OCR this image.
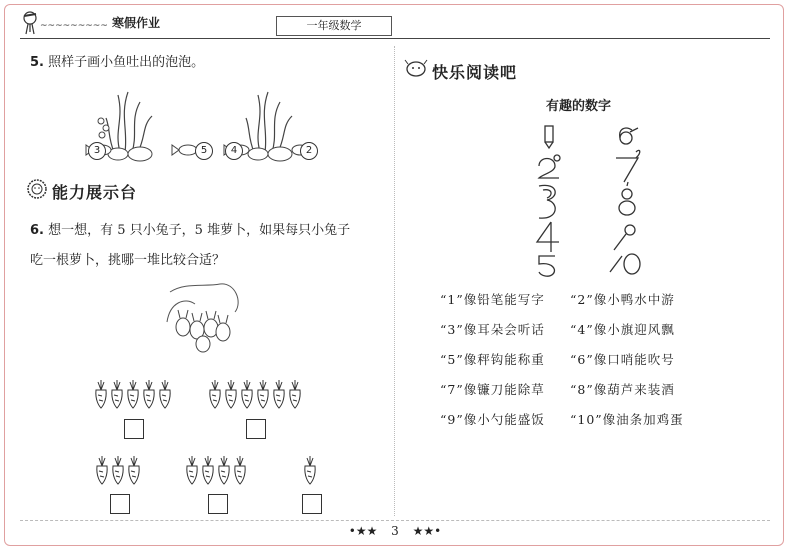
~~~~~~~~~ 寒假作业	一年级数学
5. 照样子画小鱼吐出的泡泡。
3	5	4	2
能力展示台
6. 想一想，有 5 只小兔子，5 堆萝卜，如果每只小兔子
吃一根萝卜，挑哪一堆比较合适？
快乐阅读吧
有趣的数字
“1”像铅笔能写字 “2”像小鸭水中游
“3”像耳朵会听话 “4”像小旗迎风飘
“5”像秤钩能称重 “6”像口哨能吹号
“7”像镰刀能除草 “8”像葫芦来装酒
“9”像小勺能盛饭 “10”像油条加鸡蛋
•★★ 3 ★★•
